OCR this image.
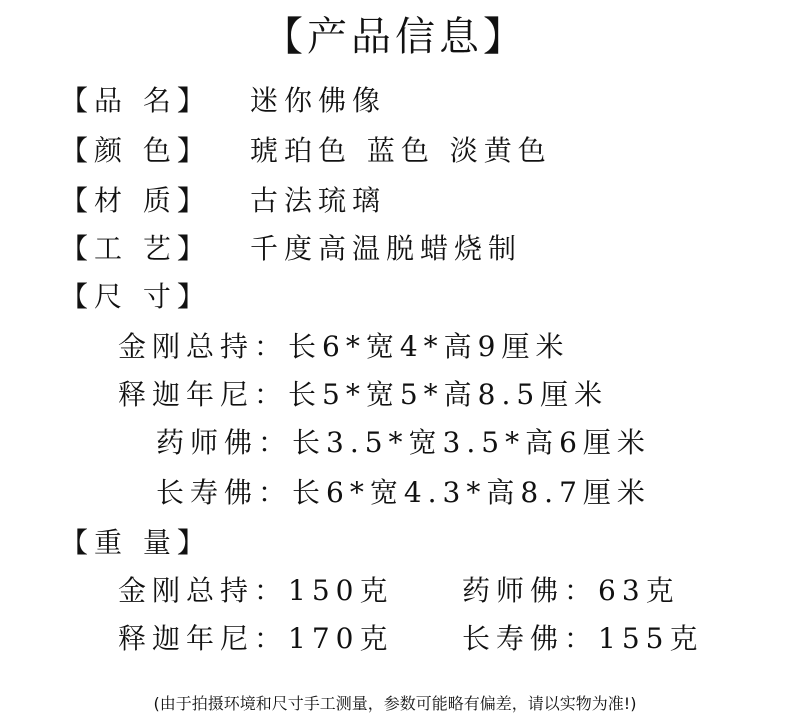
【产品信息】
【品 名】 迷你佛像
【颜 色】 琥珀色 蓝色 淡黄色
【材 质】 古法琉璃
【工 艺】 千度高温脱蜡烧制
【尺 寸】
金刚总持：长6*宽4*高9厘米
释迦年尼：长5*宽5*高8.5厘米
药师佛：长3.5*宽3.5*高6厘米
长寿佛：长6*宽4.3*高8.7厘米
【重 量】
金刚总持：150克 药师佛：63克
释迦年尼：170克 长寿佛：155克
(由于拍摄环境和尺寸手工测量，参数可能略有偏差，请以实物为准!)
